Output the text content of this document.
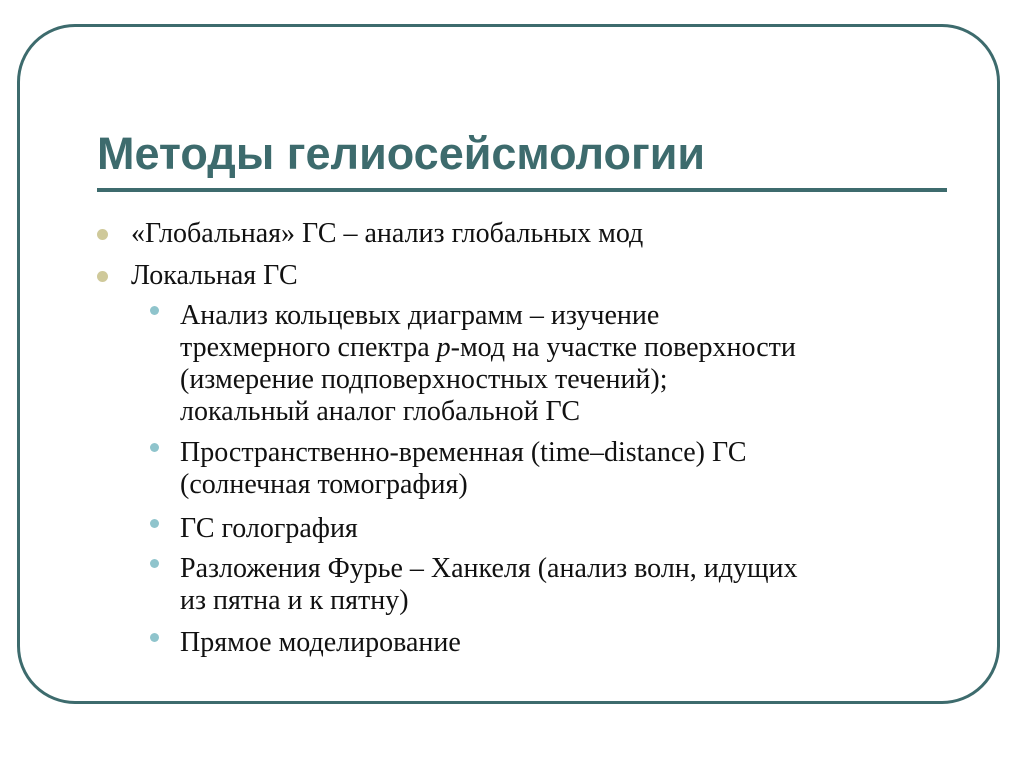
Методы гелиосейсмологии
«Глобальная» ГС – анализ глобальных мод
Локальная ГС
Анализ кольцевых диаграмм – изучение
трехмерного спектра p-мод на участке поверхности
(измерение подповерхностных течений);
локальный аналог глобальной ГС
Пространственно-временная (time–distance) ГС
(солнечная томография)
ГС голография
Разложения Фурье – Ханкеля (анализ волн, идущих
из пятна и к пятну)
Прямое моделирование
